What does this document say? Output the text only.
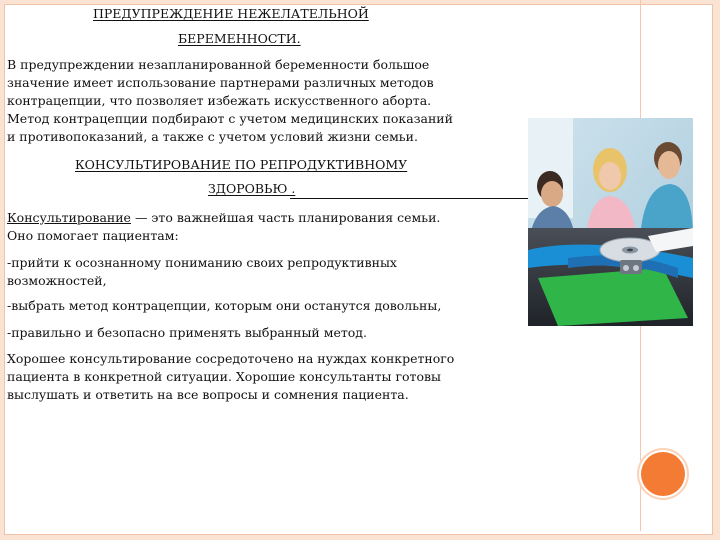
ПРЕДУПРЕЖДЕНИЕ НЕЖЕЛАТЕЛЬНОЙ

БЕРЕМЕННОСТИ.

В предупреждении незапланированной беременности большое

значение имеет использование партнерами различных методов

контрацепции, что позволяет избежать искусственного аборта.

Метод контрацепции подбирают с учетом медицинских показаний

и противопоказаний, а также с учетом условий жизни семьи.

КОНСУЛЬТИРОВАНИЕ ПО РЕПРОДУКТИВНОМУ

ЗДОРОВЬЮ .

Консультирование — это важнейшая часть планирования семьи.

Оно помогает пациентам:

-прийти к осознанному пониманию своих репродуктивных

возможностей,

-выбрать метод контрацепции, которым они останутся довольны,

-правильно и безопасно применять выбранный метод.

Хорошее консультирование сосредоточено на нуждах конкретного

пациента в конкретной ситуации. Хорошие консультанты готовы

выслушать и ответить на все вопросы и сомнения пациента.
